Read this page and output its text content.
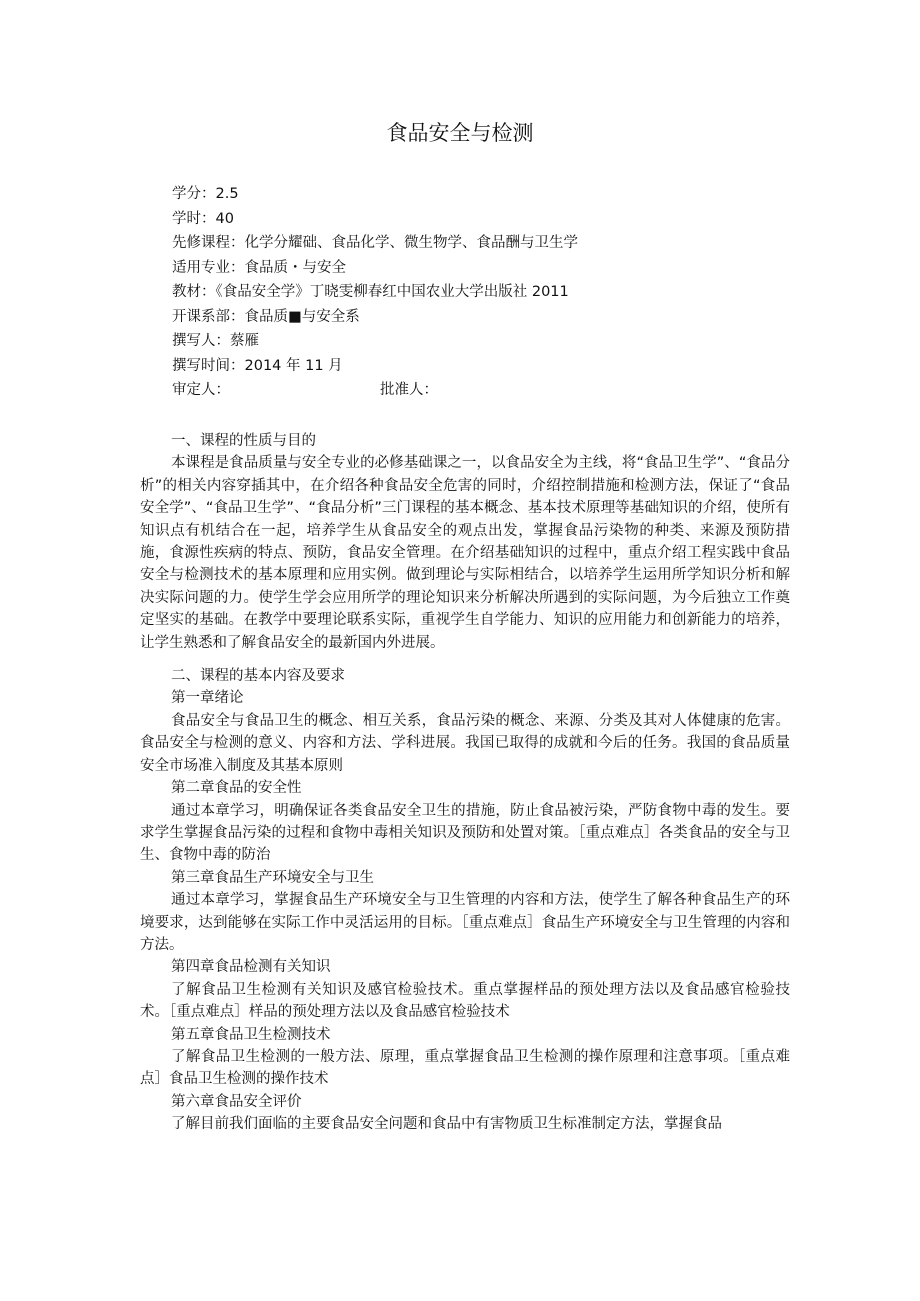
食品安全与检测
学分：2.5
学时：40
先修课程：化学分耀础、食品化学、微生物学、食品酬与卫生学
适用专业：食品质・与安全
教材：《食品安全学》丁晓雯柳春红中国农业大学出版社 2011
开课系部：食品质■与安全系
撰写人：蔡雁
撰写时间：2014 年 11 月
审定人：	批准人：
一、课程的性质与目的
本课程是食品质量与安全专业的必修基础课之一，以食品安全为主线，将“食品卫生学”、“食品分析”的相关内容穿插其中，在介绍各种食品安全危害的同时，介绍控制措施和检测方法，保证了“食品安全学”、“食品卫生学”、“食品分析”三门课程的基本概念、基本技术原理等基础知识的介绍，使所有知识点有机结合在一起，培养学生从食品安全的观点出发，掌握食品污染物的种类、来源及预防措施，食源性疾病的特点、预防，食品安全管理。在介绍基础知识的过程中，重点介绍工程实践中食品安全与检测技术的基本原理和应用实例。做到理论与实际相结合，以培养学生运用所学知识分析和解决实际问题的力。使学生学会应用所学的理论知识来分析解决所遇到的实际问题，为今后独立工作奠定坚实的基础。在教学中要理论联系实际，重视学生自学能力、知识的应用能力和创新能力的培养，让学生熟悉和了解食品安全的最新国内外进展。
二、课程的基本内容及要求
第一章绪论
食品安全与食品卫生的概念、相互关系，食品污染的概念、来源、分类及其对人体健康的危害。食品安全与检测的意义、内容和方法、学科进展。我国已取得的成就和今后的任务。我国的食品质量安全市场准入制度及其基本原则
第二章食品的安全性
通过本章学习，明确保证各类食品安全卫生的措施，防止食品被污染，严防食物中毒的发生。要求学生掌握食品污染的过程和食物中毒相关知识及预防和处置对策。［重点难点］各类食品的安全与卫生、食物中毒的防治
第三章食品生产环境安全与卫生
通过本章学习，掌握食品生产环境安全与卫生管理的内容和方法，使学生了解各种食品生产的环境要求，达到能够在实际工作中灵活运用的目标。［重点难点］食品生产环境安全与卫生管理的内容和方法。
第四章食品检测有关知识
了解食品卫生检测有关知识及感官检验技术。重点掌握样品的预处理方法以及食品感官检验技术。［重点难点］样品的预处理方法以及食品感官检验技术
第五章食品卫生检测技术
了解食品卫生检测的一般方法、原理，重点掌握食品卫生检测的操作原理和注意事项。［重点难点］食品卫生检测的操作技术
第六章食品安全评价
了解目前我们面临的主要食品安全问题和食品中有害物质卫生标准制定方法，掌握食品
